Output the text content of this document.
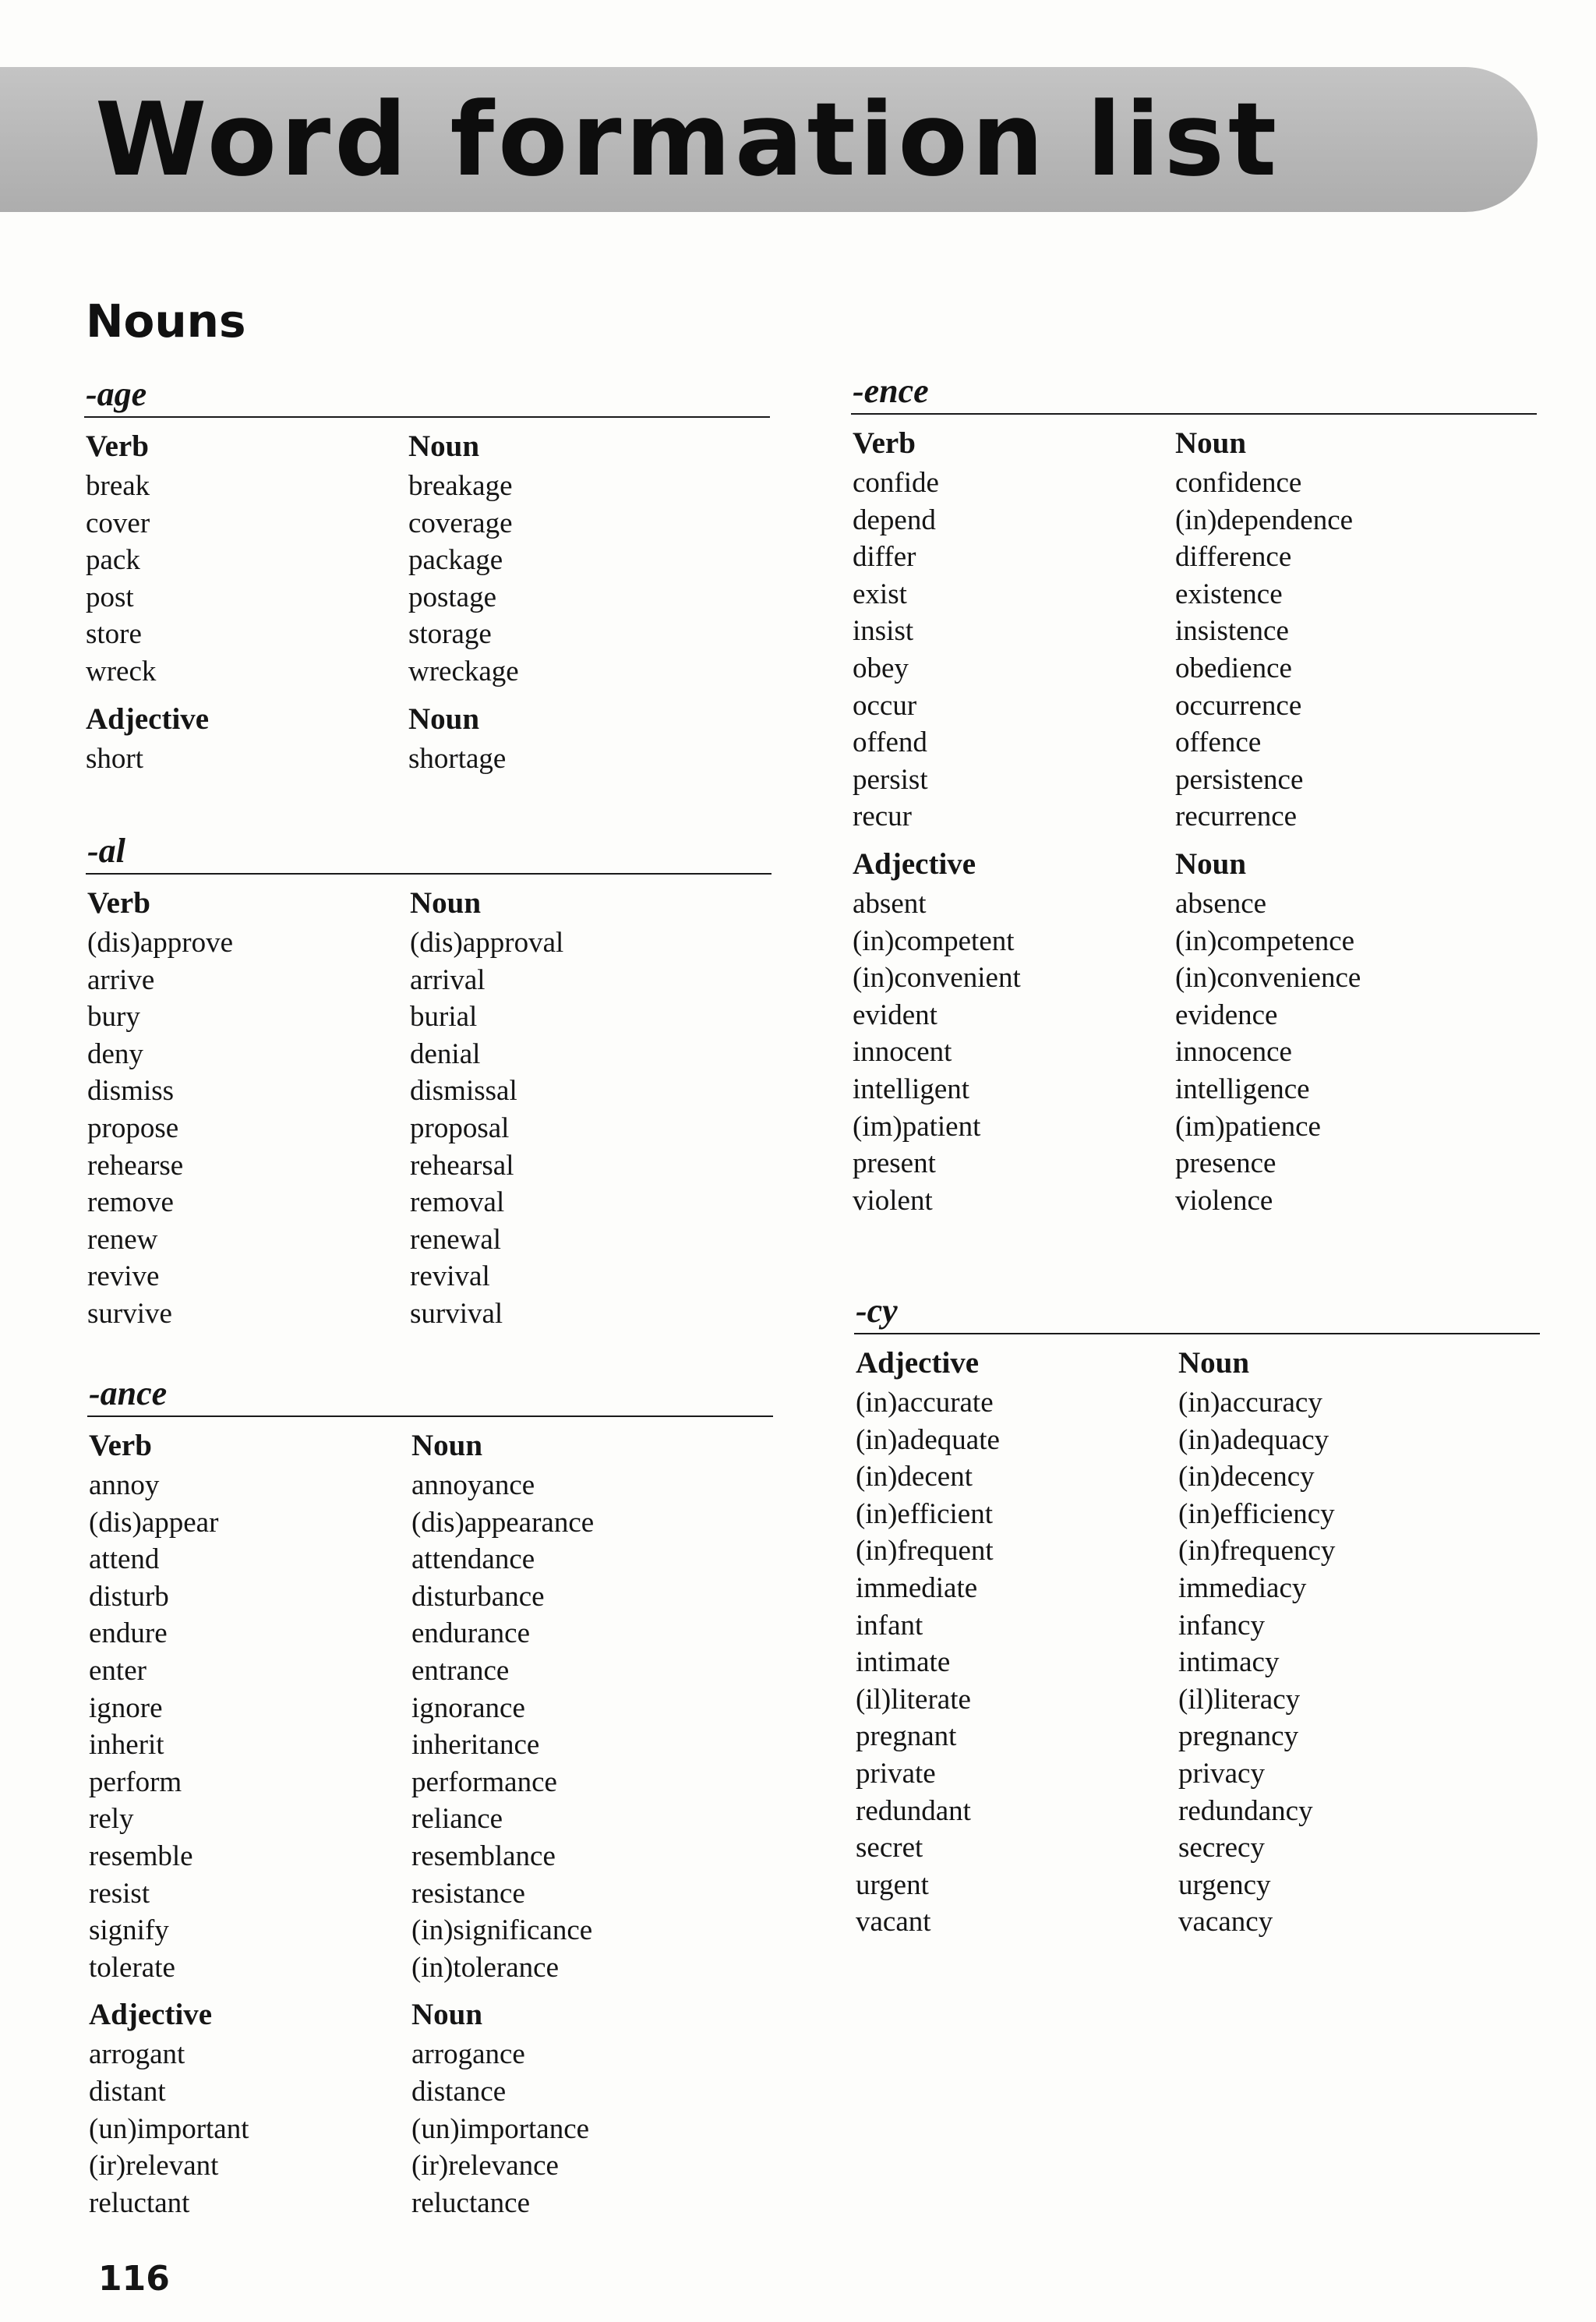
Word formation list
Nouns
-age
Verb	Noun
break	breakage
cover	coverage
pack	package
post	postage
store	storage
wreck	wreckage
Adjective	Noun
short	shortage
-al
Verb	Noun
(dis)approve	(dis)approval
arrive	arrival
bury	burial
deny	denial
dismiss	dismissal
propose	proposal
rehearse	rehearsal
remove	removal
renew	renewal
revive	revival
survive	survival
-ance
Verb	Noun
annoy	annoyance
(dis)appear	(dis)appearance
attend	attendance
disturb	disturbance
endure	endurance
enter	entrance
ignore	ignorance
inherit	inheritance
perform	performance
rely	reliance
resemble	resemblance
resist	resistance
signify	(in)significance
tolerate	(in)tolerance
Adjective	Noun
arrogant	arrogance
distant	distance
(un)important	(un)importance
(ir)relevant	(ir)relevance
reluctant	reluctance
-ence
Verb	Noun
confide	confidence
depend	(in)dependence
differ	difference
exist	existence
insist	insistence
obey	obedience
occur	occurrence
offend	offence
persist	persistence
recur	recurrence
Adjective	Noun
absent	absence
(in)competent	(in)competence
(in)convenient	(in)convenience
evident	evidence
innocent	innocence
intelligent	intelligence
(im)patient	(im)patience
present	presence
violent	violence
-cy
Adjective	Noun
(in)accurate	(in)accuracy
(in)adequate	(in)adequacy
(in)decent	(in)decency
(in)efficient	(in)efficiency
(in)frequent	(in)frequency
immediate	immediacy
infant	infancy
intimate	intimacy
(il)literate	(il)literacy
pregnant	pregnancy
private	privacy
redundant	redundancy
secret	secrecy
urgent	urgency
vacant	vacancy
116
